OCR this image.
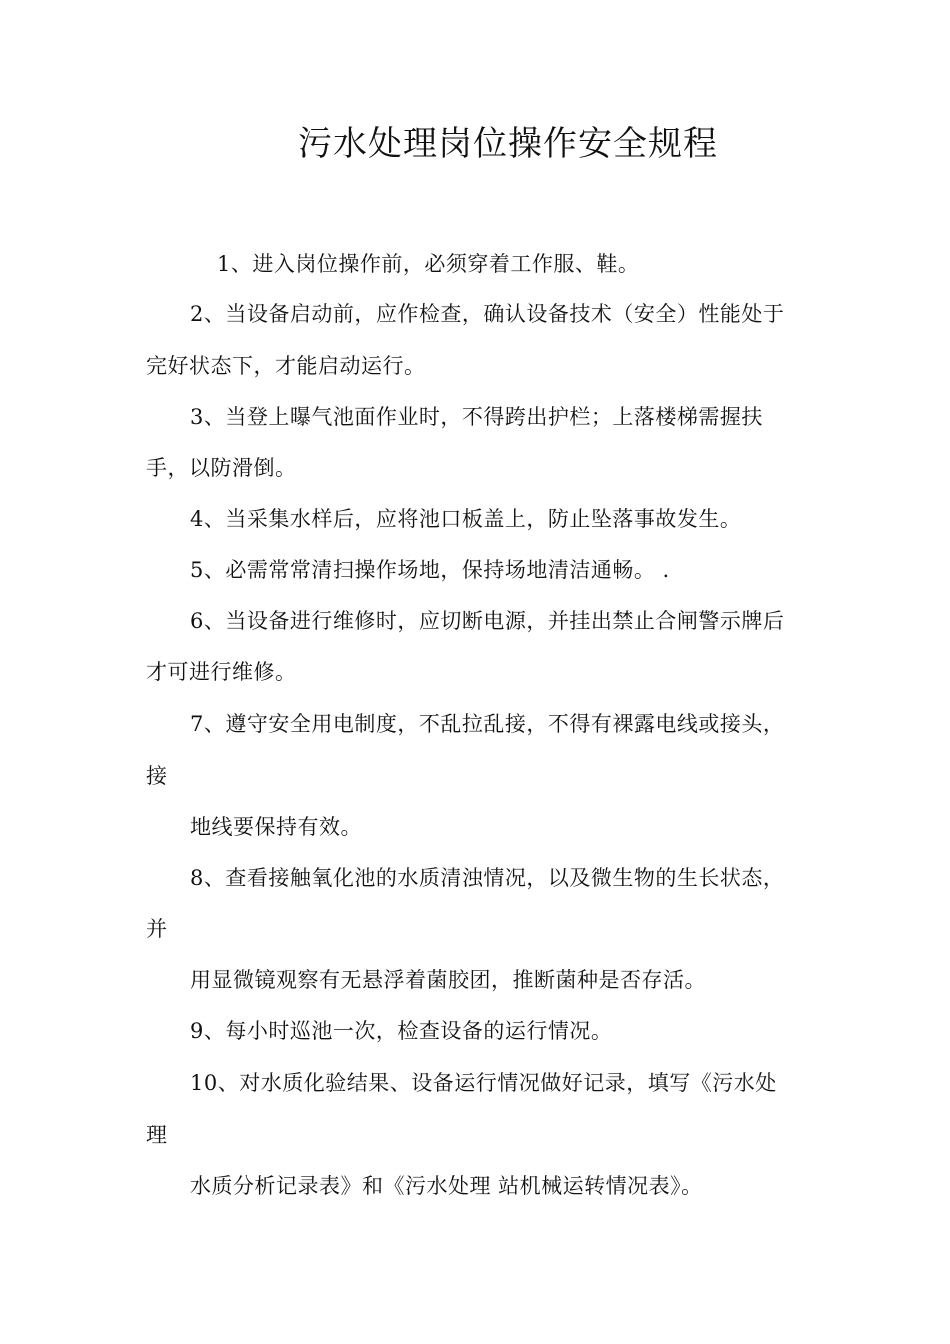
污水处理岗位操作安全规程
1、进入岗位操作前，必须穿着工作服、鞋。
2、当设备启动前，应作检查，确认设备技术（安全）性能处于
完好状态下，才能启动运行。
3、当登上曝气池面作业时，不得跨出护栏；上落楼梯需握扶
手，以防滑倒。
4、当采集水样后，应将池口板盖上，防止坠落事故发生。
5、必需常常清扫操作场地，保持场地清洁通畅。 .
6、当设备进行维修时，应切断电源，并挂出禁止合闸警示牌后
才可进行维修。
7、遵守安全用电制度，不乱拉乱接，不得有裸露电线或接头，
接
地线要保持有效。
8、查看接触氧化池的水质清浊情况，以及微生物的生长状态，
并
用显微镜观察有无悬浮着菌胶团，推断菌种是否存活。
9、每小时巡池一次，检查设备的运行情况。
10、对水质化验结果、设备运行情况做好记录，填写《污水处
理
水质分析记录表》和《污水处理 站机械运转情况表》。
